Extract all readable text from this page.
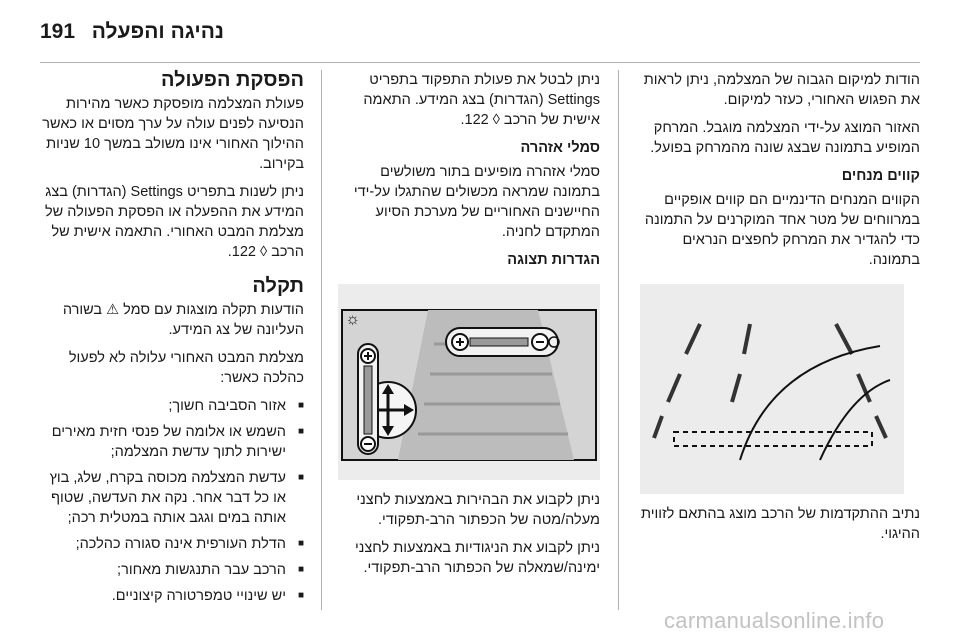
191 נהיגה והפעלה

הודות למיקום הגבוה של המצלמה, ניתן לראות את הפגוש האחורי, כעזר למיקום.

האזור המוצג על-ידי המצלמה מוגבל. המרחק המופיע בתמונה שבצג שונה מהמרחק בפועל.

קווים מנחים

הקווים המנחים הדינמיים הם קווים אופקיים במרווחים של מטר אחד המוקרנים על התמונה כדי להגדיר את המרחק לחפצים הנראים בתמונה.

נתיב ההתקדמות של הרכב מוצג בהתאם לזווית ההיגוי.

ניתן לבטל את פעולת התפקוד בתפריט Settings (הגדרות) בצג המידע. התאמה אישית של הרכב ◊ 122.

סמלי אזהרה

סמלי אזהרה מופיעים בתור משולשים בתמונה שמראה מכשולים שהתגלו על-ידי החיישנים האחוריים של מערכת הסיוע המתקדם לחניה.

הגדרות תצוגה
☼

ניתן לקבוע את הבהירות באמצעות לחצני מעלה/מטה של הכפתור הרב-תפקודי.

ניתן לקבוע את הניגודיות באמצעות לחצני ימינה/שמאלה של הכפתור הרב-תפקודי.

הפסקת הפעולה

פעולת המצלמה מופסקת כאשר מהירות הנסיעה לפנים עולה על ערך מסוים או כאשר ההילוך האחורי אינו משולב במשך 10 שניות בקירוב.

ניתן לשנות בתפריט Settings (הגדרות) בצג המידע את ההפעלה או הפסקת הפעולה של מצלמת המבט האחורי. התאמה אישית של הרכב ◊ 122.

תקלה

הודעות תקלה מוצגות עם סמל ⚠ בשורה העליונה של צג המידע.

מצלמת המבט האחורי עלולה לא לפעול כהלכה כאשר:

■ אזור הסביבה חשוך;
■ השמש או אלומה של פנסי חזית מאירים ישירות לתוך עדשת המצלמה;
■ עדשת המצלמה מכוסה בקרח, שלג, בוץ או כל דבר אחר. נקה את העדשה, שטוף אותה במים וגגב אותה במטלית רכה;
■ הדלת העורפית אינה סגורה כהלכה;
■ הרכב עבר התנגשות מאחור;
■ יש שינויי טמפרטורה קיצוניים.
carmanualsonline.info
